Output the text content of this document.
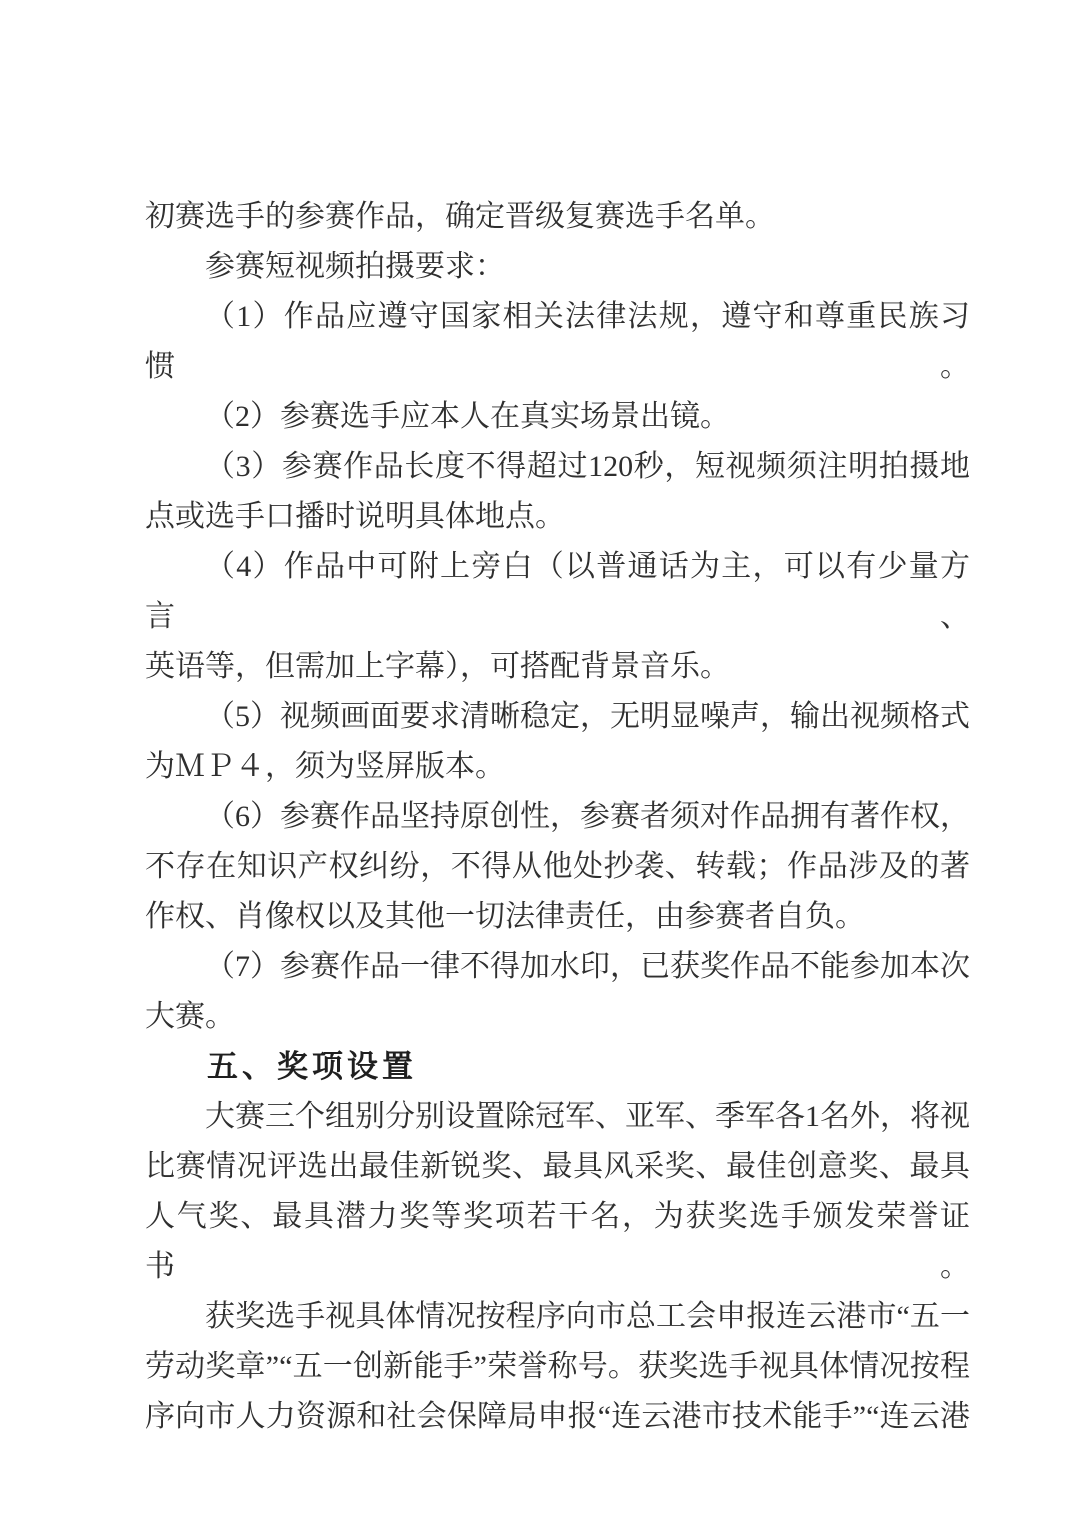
初赛选手的参赛作品，确定晋级复赛选手名单。
参赛短视频拍摄要求：
（1）作品应遵守国家相关法律法规，遵守和尊重民族习惯。
（2）参赛选手应本人在真实场景出镜。
（3）参赛作品长度不得超过120秒，短视频须注明拍摄地
点或选手口播时说明具体地点。
（4）作品中可附上旁白（以普通话为主，可以有少量方言、
英语等，但需加上字幕），可搭配背景音乐。
（5）视频画面要求清晰稳定，无明显噪声，输出视频格式
为ＭＰ４，须为竖屏版本。
（6）参赛作品坚持原创性，参赛者须对作品拥有著作权，
不存在知识产权纠纷，不得从他处抄袭、转载；作品涉及的著
作权、肖像权以及其他一切法律责任，由参赛者自负。
（7）参赛作品一律不得加水印，已获奖作品不能参加本次
大赛。
五、奖项设置
大赛三个组别分别设置除冠军、亚军、季军各1名外，将视
比赛情况评选出最佳新锐奖、最具风采奖、最佳创意奖、最具
人气奖、最具潜力奖等奖项若干名，为获奖选手颁发荣誉证书。
获奖选手视具体情况按程序向市总工会申报连云港市“五一
劳动奖章”“五一创新能手”荣誉称号。获奖选手视具体情况按程
序向市人力资源和社会保障局申报“连云港市技术能手”“连云港
